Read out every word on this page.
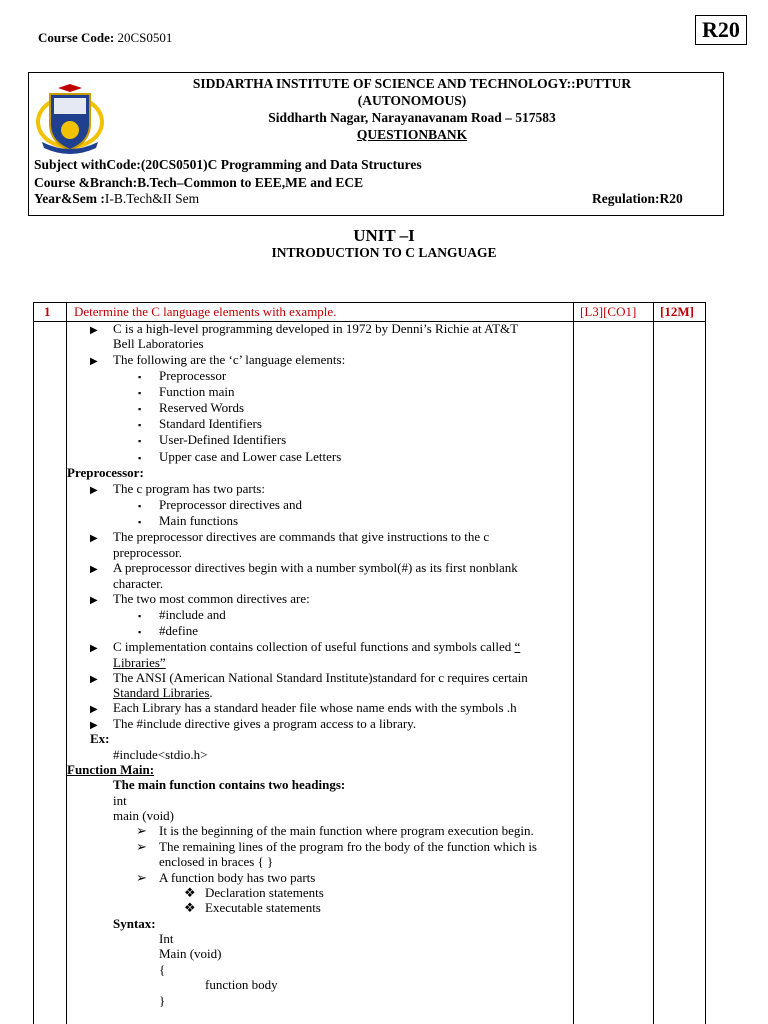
Course Code: 20CS0501	R20
SIDDARTHA INSTITUTE OF SCIENCE AND TECHNOLOGY::PUTTUR
(AUTONOMOUS)
Siddharth Nagar, Narayanavanam Road – 517583
QUESTIONBANK
Subject withCode:(20CS0501)C Programming and Data Structures
Course &Branch:B.Tech–Common to EEE,ME and ECE
Year&Sem :I-B.Tech&II Sem	Regulation:R20
UNIT –I
INTRODUCTION TO C LANGUAGE
1 Determine the C language elements with example.	[L3][CO1] [12M]
▶ C is a high-level programming developed in 1972 by Denni’s Richie at AT&T
Bell Laboratories
▶ The following are the ‘c’ language elements:
▪ Preprocessor
▪ Function main
▪ Reserved Words
▪ Standard Identifiers
▪ User-Defined Identifiers
▪ Upper case and Lower case Letters
Preprocessor:
▶ The c program has two parts:
▪ Preprocessor directives and
▪ Main functions
▶ The preprocessor directives are commands that give instructions to the c
preprocessor.
▶ A preprocessor directives begin with a number symbol(#) as its first nonblank
character.
▶ The two most common directives are:
▪ #include and
▪ #define
▶ C implementation contains collection of useful functions and symbols called “
Libraries”
▶ The ANSI (American National Standard Institute)standard for c requires certain
Standard Libraries.
▶ Each Library has a standard header file whose name ends with the symbols .h
▶ The #include directive gives a program access to a library.
Ex:
#include<stdio.h>
Function Main:
The main function contains two headings:
int
main (void)
➢ It is the beginning of the main function where program execution begin.
➢ The remaining lines of the program fro the body of the function which is
enclosed in braces { }
➢ A function body has two parts
❖ Declaration statements
❖ Executable statements
Syntax:
Int
Main (void)
{
function body
}
